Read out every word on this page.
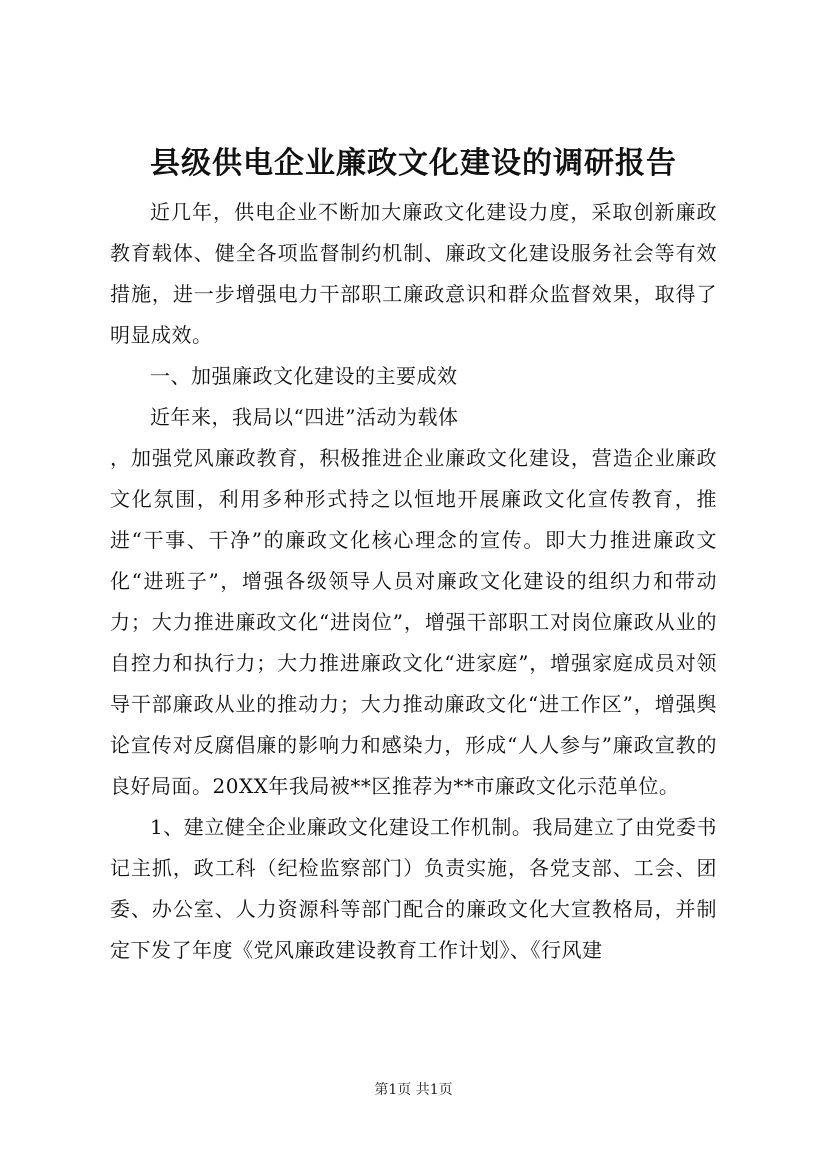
县级供电企业廉政文化建设的调研报告

近几年，供电企业不断加大廉政文化建设力度，采取创新廉政教育载体、健全各项监督制约机制、廉政文化建设服务社会等有效措施，进一步增强电力干部职工廉政意识和群众监督效果，取得了明显成效。

一、加强廉政文化建设的主要成效

近年来，我局以“四进”活动为载体

，加强党风廉政教育，积极推进企业廉政文化建设，营造企业廉政文化氛围，利用多种形式持之以恒地开展廉政文化宣传教育，推进“干事、干净”的廉政文化核心理念的宣传。即大力推进廉政文化“进班子”，增强各级领导人员对廉政文化建设的组织力和带动力；大力推进廉政文化“进岗位”，增强干部职工对岗位廉政从业的自控力和执行力；大力推进廉政文化“进家庭”，增强家庭成员对领导干部廉政从业的推动力；大力推动廉政文化“进工作区”，增强舆论宣传对反腐倡廉的影响力和感染力，形成“人人参与”廉政宣教的良好局面。20XX年我局被**区推荐为**市廉政文化示范单位。

1、建立健全企业廉政文化建设工作机制。我局建立了由党委书记主抓，政工科（纪检监察部门）负责实施，各党支部、工会、团委、办公室、人力资源科等部门配合的廉政文化大宣教格局，并制定下发了年度《党风廉政建设教育工作计划》、《行风建

第1页 共1页
